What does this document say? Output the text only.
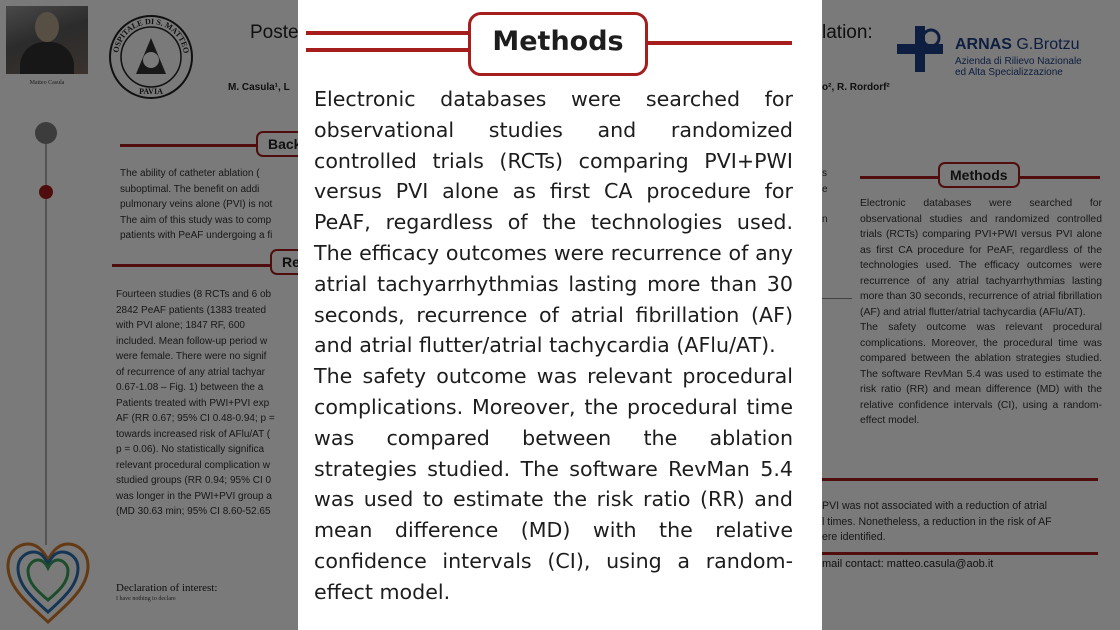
Methods

Electronic databases were searched for observational studies and randomized controlled trials (RCTs) comparing PVI+PWI versus PVI alone as first CA procedure for PeAF, regardless of the technologies used. The efficacy outcomes were recurrence of any atrial tachyarrhythmias lasting more than 30 seconds, recurrence of atrial fibrillation (AF) and atrial flutter/atrial tachycardia (AFlu/AT).

The safety outcome was relevant procedural complications. Moreover, the procedural time was compared between the ablation strategies studied. The software RevMan 5.4 was used to estimate the risk ratio (RR) and mean difference (MD) with the relative confidence intervals (CI), using a random-effect model.
